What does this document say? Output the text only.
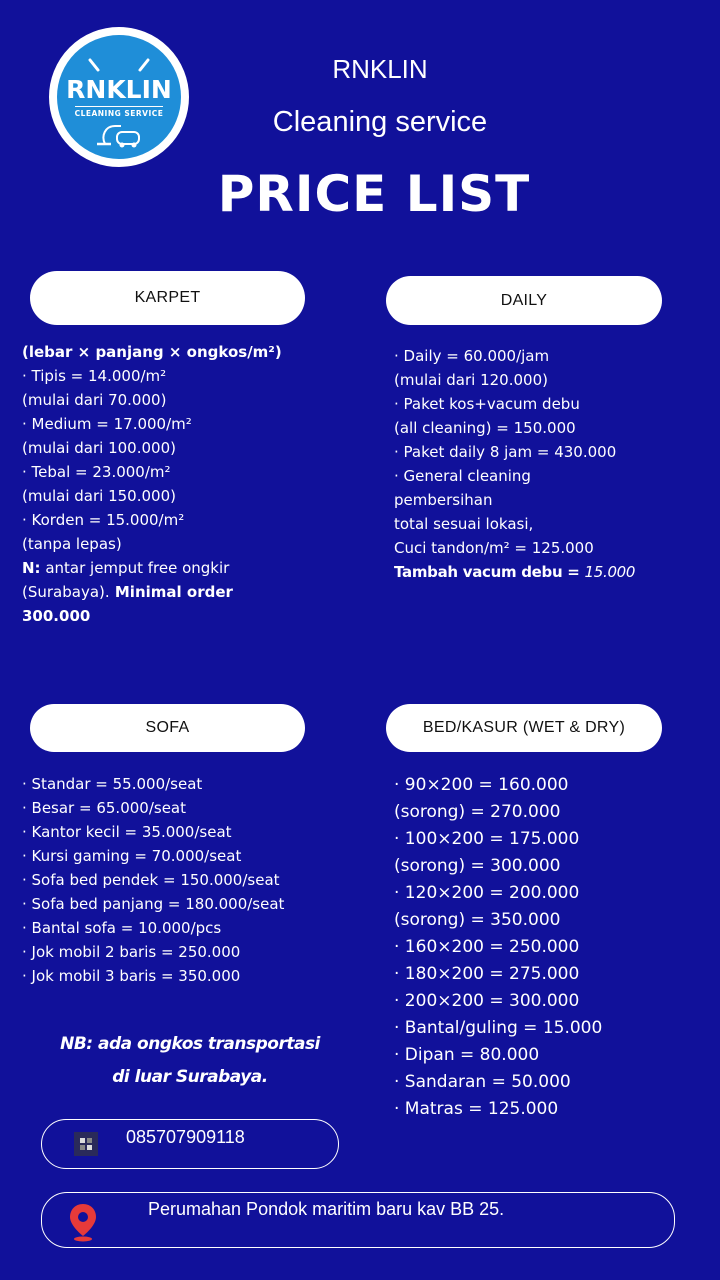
RNKLIN
CLEANING SERVICE
RNKLIN
Cleaning service
PRICE LIST
KARPET
(lebar × panjang × ongkos/m²)
· Tipis = 14.000/m²
(mulai dari 70.000)
· Medium = 17.000/m²
(mulai dari 100.000)
· Tebal = 23.000/m²
(mulai dari 150.000)
· Korden = 15.000/m²
(tanpa lepas)
N: antar jemput free ongkir
(Surabaya). Minimal order
300.000
DAILY
· Daily = 60.000/jam
(mulai dari 120.000)
· Paket kos+vacum debu
(all cleaning) = 150.000
· Paket daily 8 jam = 430.000
· General cleaning
pembersihan
total sesuai lokasi,
Cuci tandon/m² = 125.000
Tambah vacum debu = 15.000
SOFA
· Standar = 55.000/seat
· Besar = 65.000/seat
· Kantor kecil = 35.000/seat
· Kursi gaming = 70.000/seat
· Sofa bed pendek = 150.000/seat
· Sofa bed panjang = 180.000/seat
· Bantal sofa = 10.000/pcs
· Jok mobil 2 baris = 250.000
· Jok mobil 3 baris = 350.000
NB: ada ongkos transportasi
di luar Surabaya.
BED/KASUR (WET & DRY)
· 90×200 = 160.000
(sorong) = 270.000
· 100×200 = 175.000
(sorong) = 300.000
· 120×200 = 200.000
(sorong) = 350.000
· 160×200 = 250.000
· 180×200 = 275.000
· 200×200 = 300.000
· Bantal/guling = 15.000
· Dipan = 80.000
· Sandaran = 50.000
· Matras = 125.000
085707909118
Perumahan Pondok maritim baru kav BB 25.
